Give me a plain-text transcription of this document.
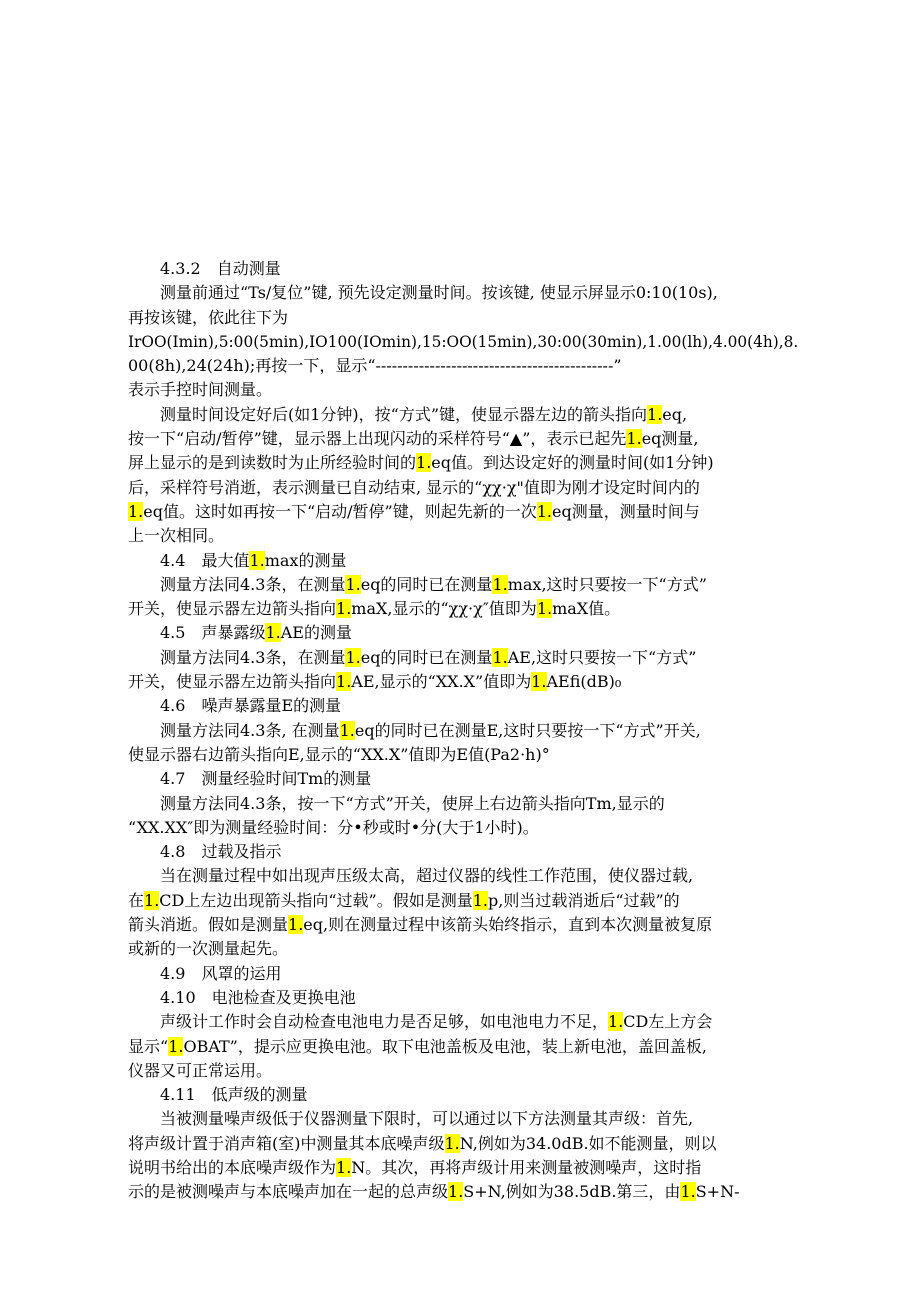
4.3.2　自动测量
测量前通过“Ts∕复位”键, 预先设定测量时间。按该键, 使显示屏显示0:10(10s),
再按该键，依此往下为
IrOO(Imin),5:00(5min),IO100(IOmin),15:OO(15min),30:00(30min),1.00(lh),4.00(4h),8.
00(8h),24(24h);再按一下，显示“--------------------------------------------”
表示手控时间测量。
测量时间设定好后(如1分钟)，按“方式”键，使显示器左边的箭头指向1.eq,
按一下“启动/暂停”键，显示器上出现闪动的采样符号“▲”，表示已起先1.eq测量,
屏上显示的是到读数时为止所经验时间的1.eq值。到达设定好的测量时间(如1分钟)
后，采样符号消逝，表示测量已自动结束, 显示的“χχ·χ"值即为刚才设定时间内的
1.eq值。这时如再按一下“启动/暂停”键，则起先新的一次1.eq测量，测量时间与
上一次相同。
4.4　最大值1.max的测量
测量方法同4.3条，在测量1.eq的同时已在测量1.max,这时只要按一下“方式”
开关，使显示器左边箭头指向1.maX,显示的“χχ·χ″值即为1.maX值。
4.5　声暴露级1.AE的测量
测量方法同4.3条，在测量1.eq的同时已在测量1.AE,这时只要按一下“方式”
开关，使显示器左边箭头指向1.AE,显示的“XX.X”值即为1.AEfi(dB)₀
4.6　噪声暴露量E的测量
测量方法同4.3条, 在测量1.eq的同时已在测量E,这时只要按一下“方式”开关,
使显示器右边箭头指向E,显示的“XX.X”值即为E值(Pa2·h)°
4.7　测量经验时间Tm的测量
测量方法同4.3条，按一下“方式”开关，使屏上右边箭头指向Tm,显示的
“XX.XX″即为测量经验时间：分•秒或时•分(大于1小时)。
4.8　过载及指示
当在测量过程中如出现声压级太高，超过仪器的线性工作范围，使仪器过载,
在1.CD上左边出现箭头指向“过载”。假如是测量1.p,则当过载消逝后“过载”的
箭头消逝。假如是测量1.eq,则在测量过程中该箭头始终指示，直到本次测量被复原
或新的一次测量起先。
4.9　风罩的运用
4.10　电池检查及更换电池
声级计工作时会自动检查电池电力是否足够，如电池电力不足，1.CD左上方会
显示“1.OBAT”，提示应更换电池。取下电池盖板及电池，装上新电池，盖回盖板,
仪器又可正常运用。
4.11　低声级的测量
当被测量噪声级低于仪器测量下限时，可以通过以下方法测量其声级：首先,
将声级计置于消声箱(室)中测量其本底噪声级1.N,例如为34.0dB.如不能测量，则以
说明书给出的本底噪声级作为1.N。其次，再将声级计用来测量被测噪声，这时指
示的是被测噪声与本底噪声加在一起的总声级1.S+N,例如为38.5dB.第三，由1.S+N-
